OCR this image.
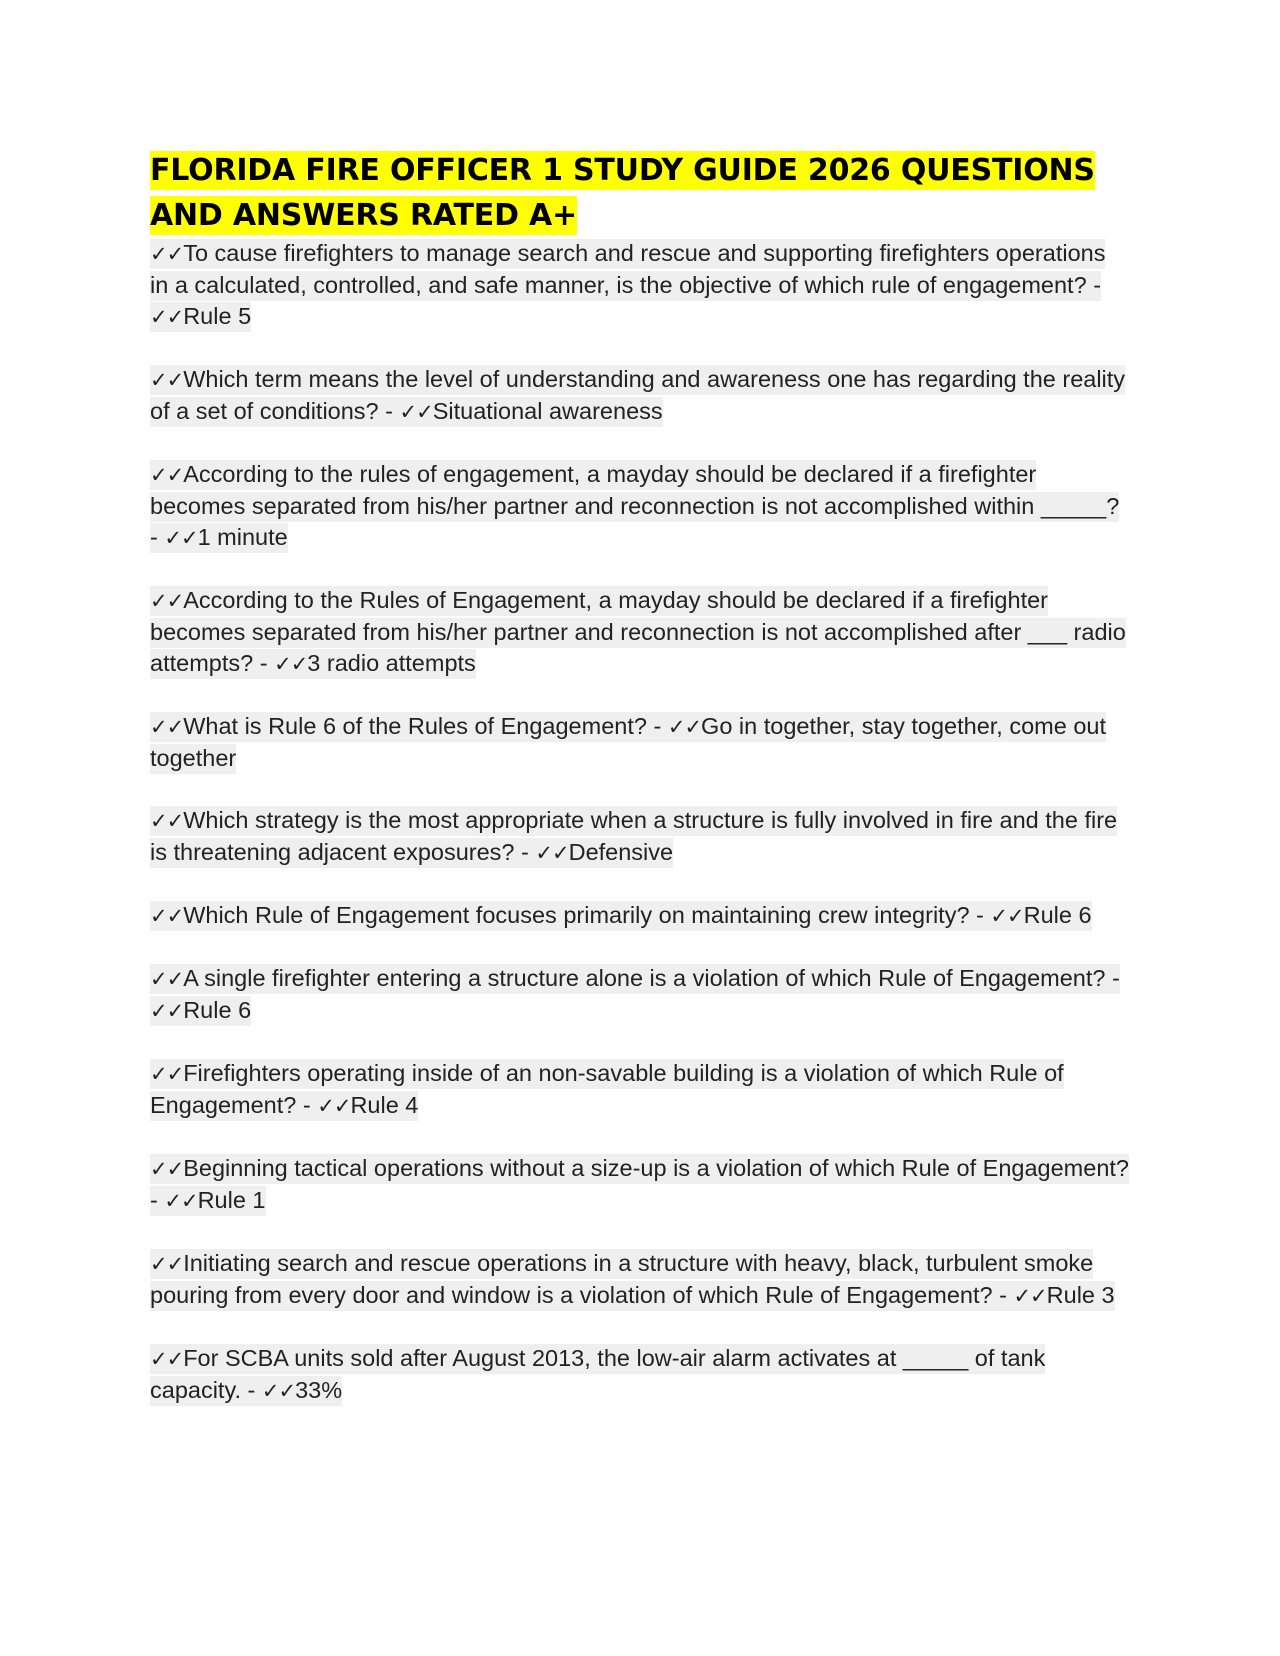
FLORIDA FIRE OFFICER 1 STUDY GUIDE 2026 QUESTIONS AND ANSWERS RATED A+
✓✓To cause firefighters to manage search and rescue and supporting firefighters operations in a calculated, controlled, and safe manner, is the objective of which rule of engagement? - ✓✓Rule 5
✓✓Which term means the level of understanding and awareness one has regarding the reality of a set of conditions? - ✓✓Situational awareness
✓✓According to the rules of engagement, a mayday should be declared if a firefighter becomes separated from his/her partner and reconnection is not accomplished within _____? - ✓✓1 minute
✓✓According to the Rules of Engagement, a mayday should be declared if a firefighter becomes separated from his/her partner and reconnection is not accomplished after ___ radio attempts? - ✓✓3 radio attempts
✓✓What is Rule 6 of the Rules of Engagement? - ✓✓Go in together, stay together, come out together
✓✓Which strategy is the most appropriate when a structure is fully involved in fire and the fire is threatening adjacent exposures? - ✓✓Defensive
✓✓Which Rule of Engagement focuses primarily on maintaining crew integrity? - ✓✓Rule 6
✓✓A single firefighter entering a structure alone is a violation of which Rule of Engagement? - ✓✓Rule 6
✓✓Firefighters operating inside of an non-savable building is a violation of which Rule of Engagement? - ✓✓Rule 4
✓✓Beginning tactical operations without a size-up is a violation of which Rule of Engagement? - ✓✓Rule 1
✓✓Initiating search and rescue operations in a structure with heavy, black, turbulent smoke pouring from every door and window is a violation of which Rule of Engagement? - ✓✓Rule 3
✓✓For SCBA units sold after August 2013, the low-air alarm activates at _____ of tank capacity. - ✓✓33%
